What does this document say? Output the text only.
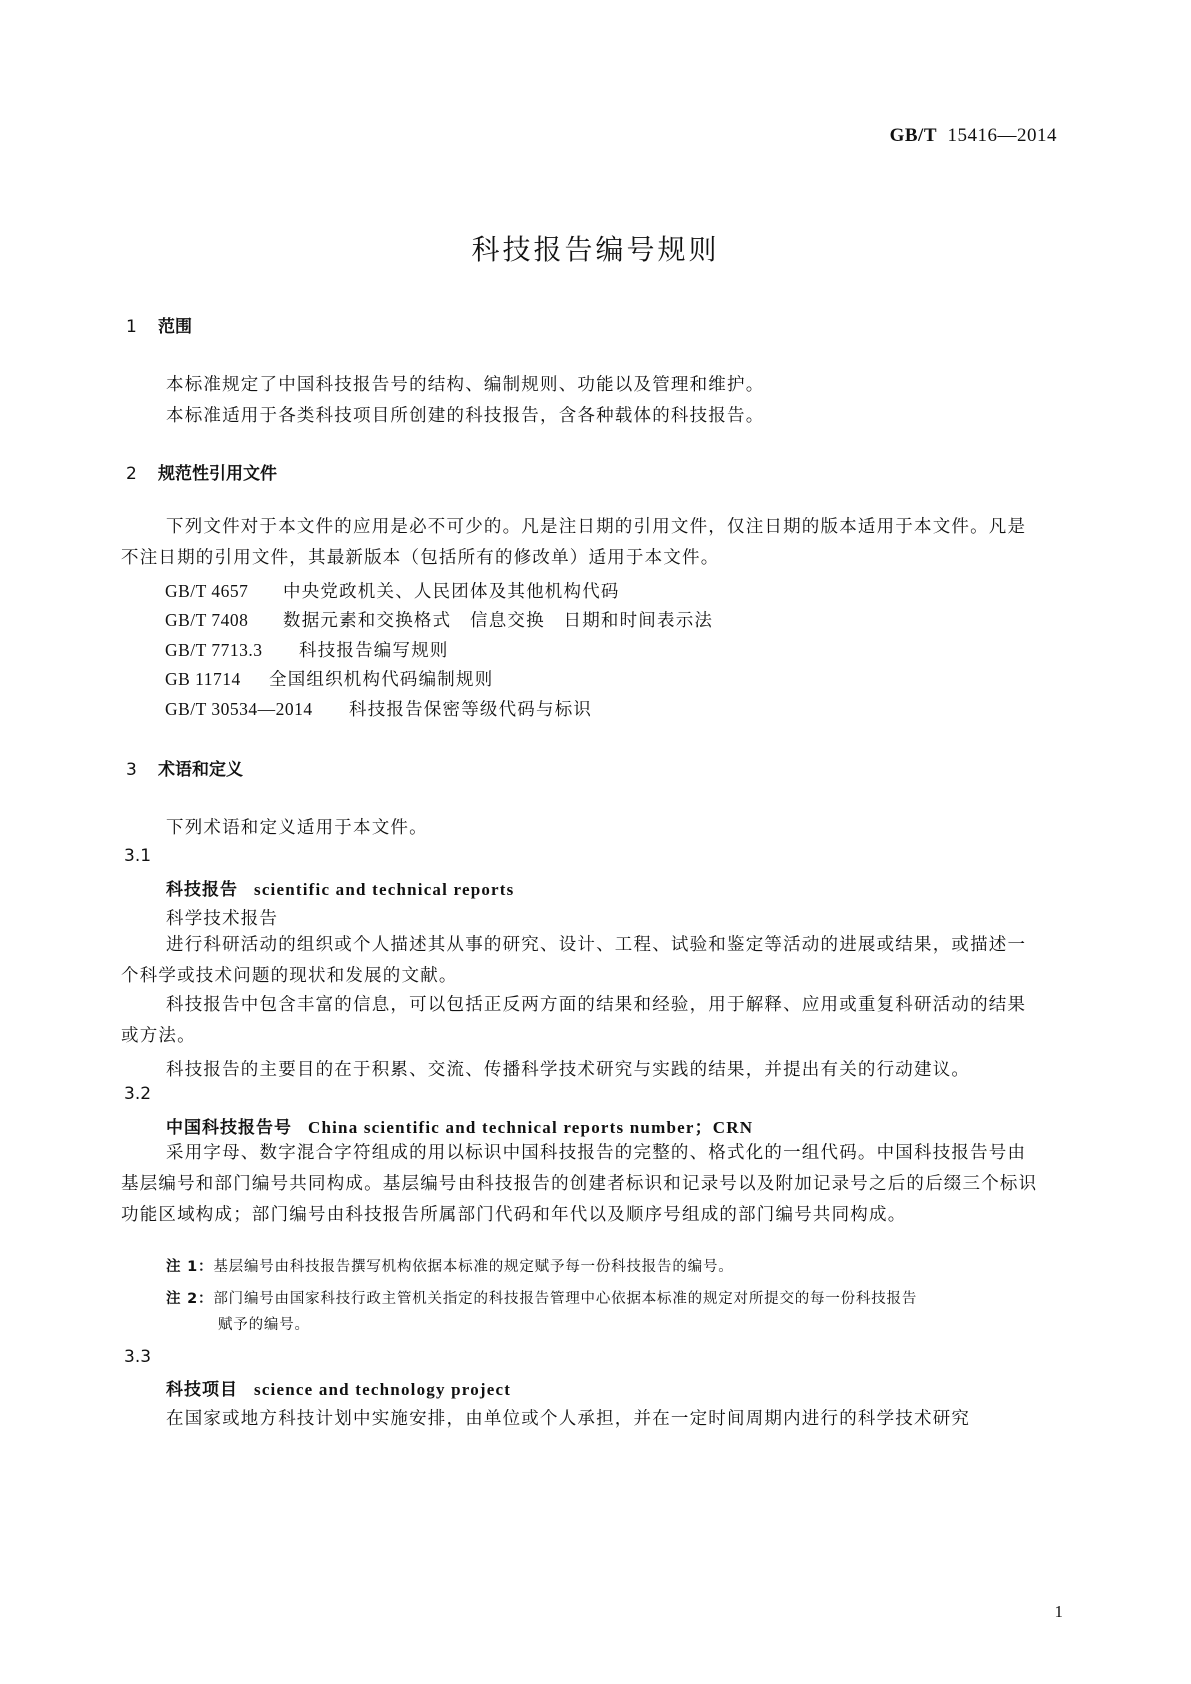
GB/T 15416—2014
科技报告编号规则
1 范围
本标准规定了中国科技报告号的结构、编制规则、功能以及管理和维护。
本标准适用于各类科技项目所创建的科技报告，含各种载体的科技报告。
2 规范性引用文件
下列文件对于本文件的应用是必不可少的。凡是注日期的引用文件，仅注日期的版本适用于本文件。凡是不注日期的引用文件，其最新版本（包括所有的修改单）适用于本文件。
GB/T 4657 中央党政机关、人民团体及其他机构代码
GB/T 7408 数据元素和交换格式　信息交换　日期和时间表示法
GB/T 7713.3 科技报告编写规则
GB 11714 全国组织机构代码编制规则
GB/T 30534—2014 科技报告保密等级代码与标识
3 术语和定义
下列术语和定义适用于本文件。
3.1
科技报告 scientific and technical reports
科学技术报告
进行科研活动的组织或个人描述其从事的研究、设计、工程、试验和鉴定等活动的进展或结果，或描述一个科学或技术问题的现状和发展的文献。
科技报告中包含丰富的信息，可以包括正反两方面的结果和经验，用于解释、应用或重复科研活动的结果或方法。
科技报告的主要目的在于积累、交流、传播科学技术研究与实践的结果，并提出有关的行动建议。
3.2
中国科技报告号 China scientific and technical reports number；CRN
采用字母、数字混合字符组成的用以标识中国科技报告的完整的、格式化的一组代码。中国科技报告号由基层编号和部门编号共同构成。基层编号由科技报告的创建者标识和记录号以及附加记录号之后的后缀三个标识功能区域构成；部门编号由科技报告所属部门代码和年代以及顺序号组成的部门编号共同构成。
注 1：基层编号由科技报告撰写机构依据本标准的规定赋予每一份科技报告的编号。
注 2：部门编号由国家科技行政主管机关指定的科技报告管理中心依据本标准的规定对所提交的每一份科技报告
赋予的编号。
3.3
科技项目 science and technology project
在国家或地方科技计划中实施安排，由单位或个人承担，并在一定时间周期内进行的科学技术研究
1
